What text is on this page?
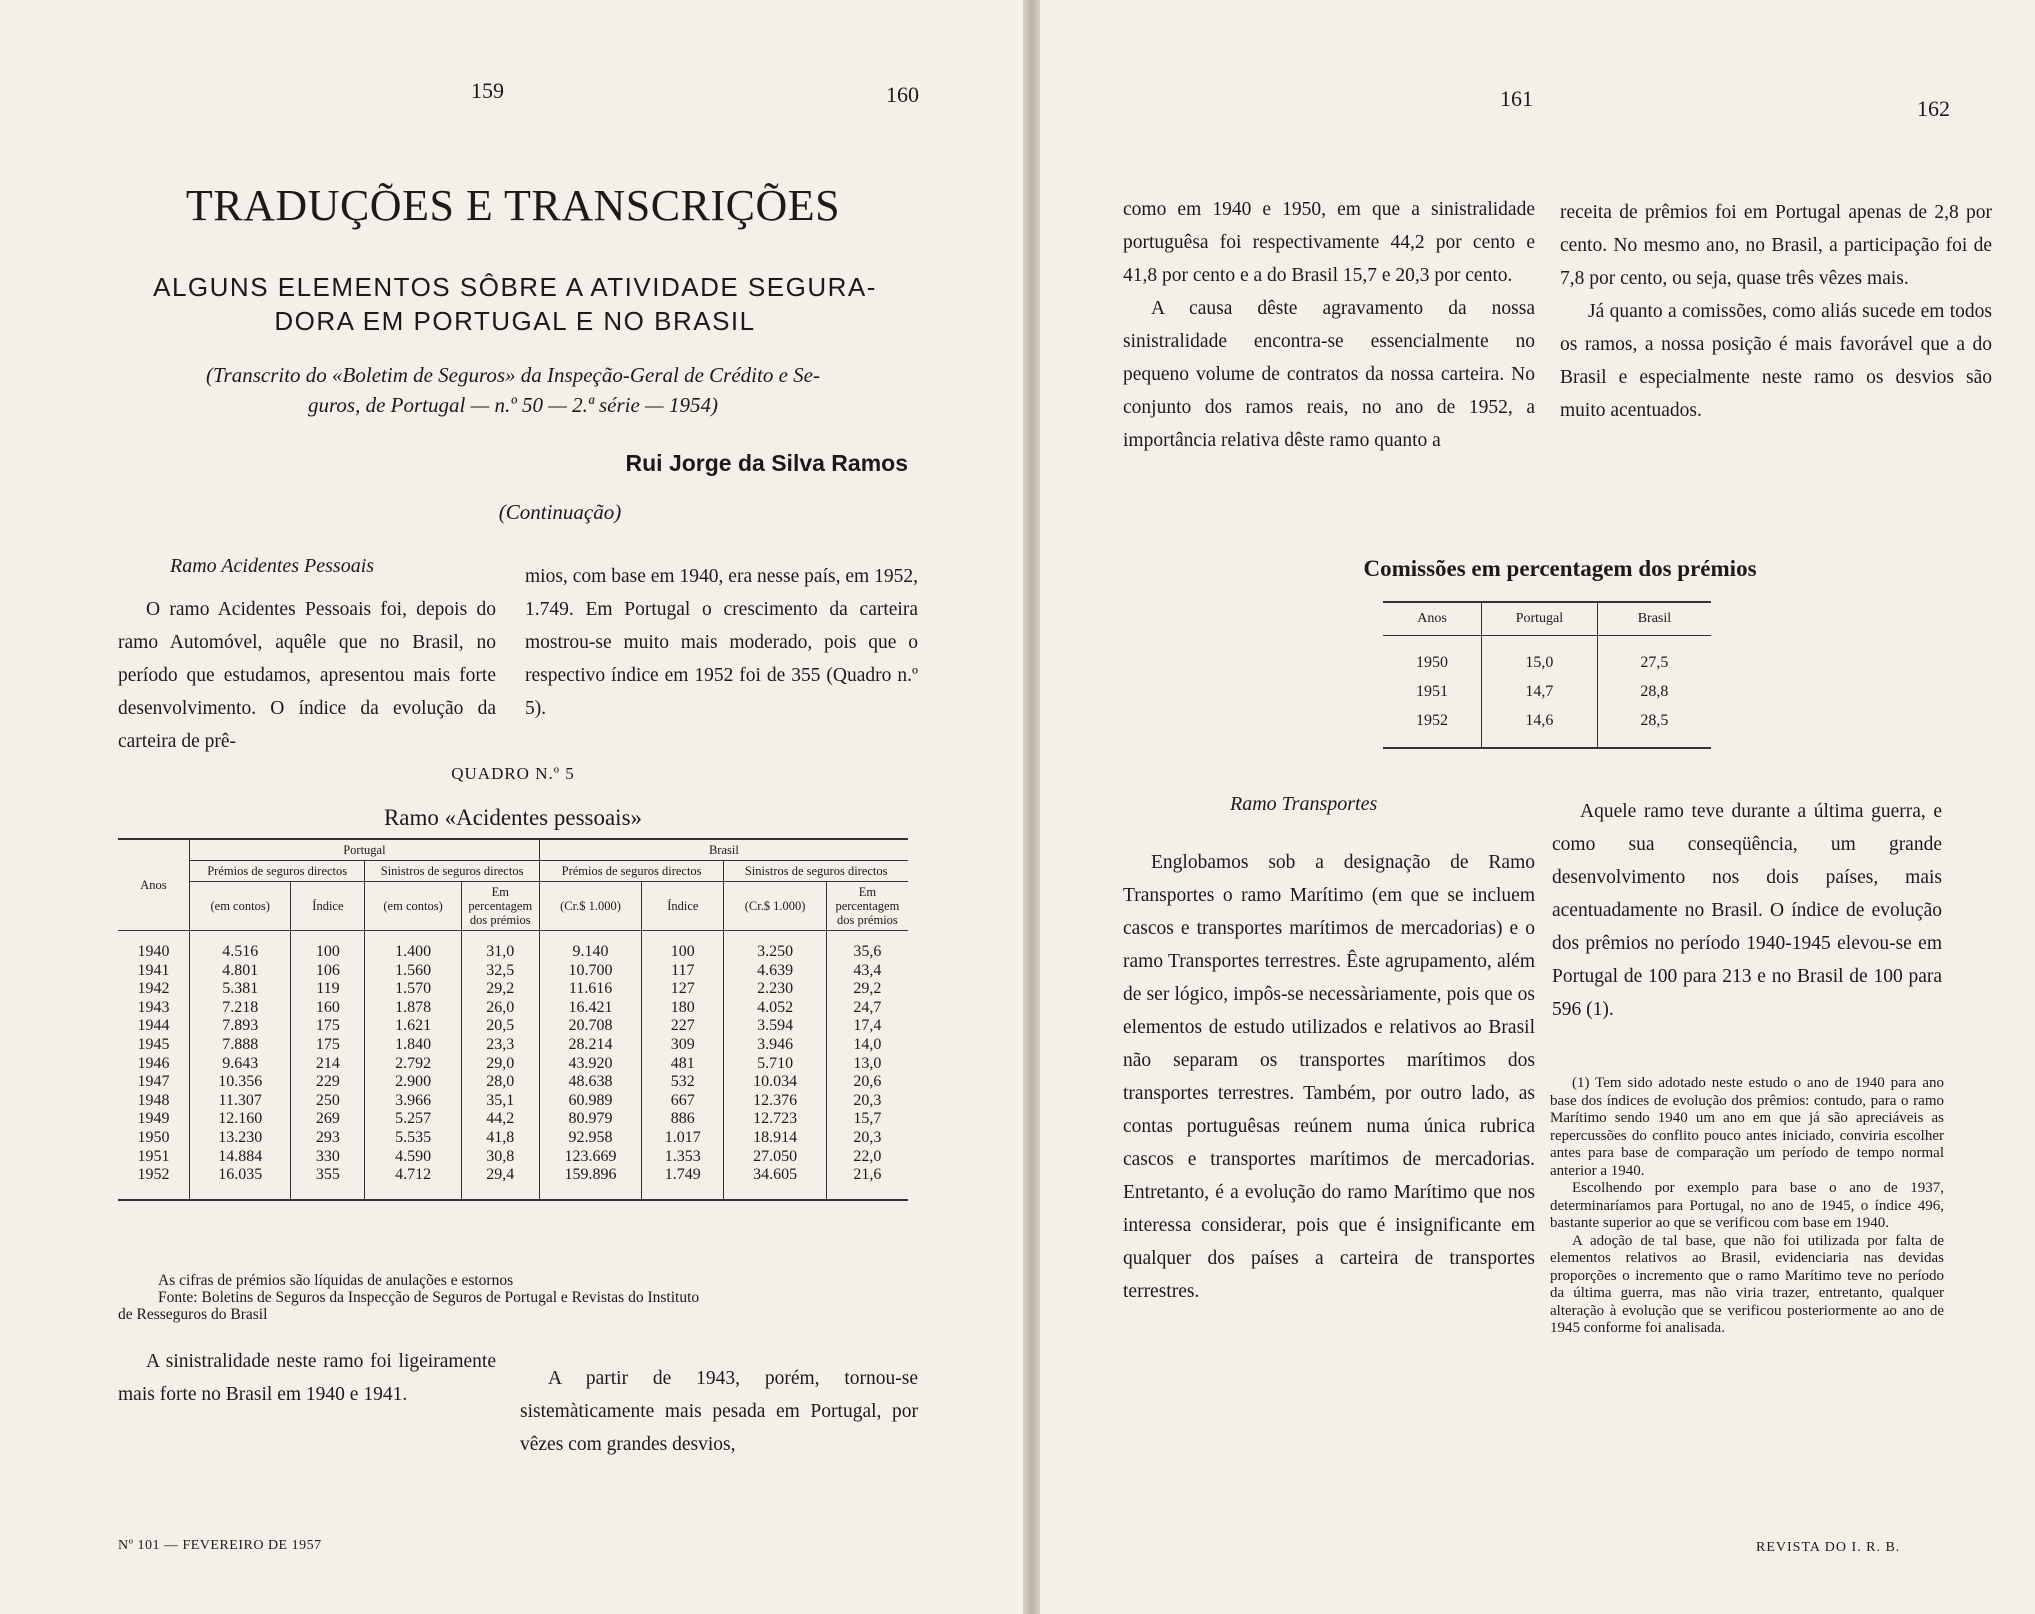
159	160
TRADUÇÕES E TRANSCRIÇÕES
ALGUNS ELEMENTOS SÔBRE A ATIVIDADE SEGURA-
DORA EM PORTUGAL E NO BRASIL
(Transcrito do «Boletim de Seguros» da Inspeção-Geral de Crédito e Se-
guros, de Portugal — n.º 50 — 2.ª série — 1954)
Rui Jorge da Silva Ramos
(Continuação)
Ramo Acidentes Pessoais

O ramo Acidentes Pessoais foi, depois do ramo Automóvel, aquêle que no Brasil, no período que estudamos, apresentou mais forte desenvolvimento. O índice da evolução da carteira de prê-

mios, com base em 1940, era nesse país, em 1952, 1.749. Em Portugal o crescimento da carteira mostrou-se muito mais moderado, pois que o respectivo índice em 1952 foi de 355 (Quadro n.º 5).

QUADRO N.º 5
Ramo «Acidentes pessoais»
Anos	Portugal				Brasil			
	Prémios de seguros directos		Sinistros de seguros directos		Prémios de seguros directos		Sinistros de seguros directos	
	(em contos)	Índice	(em contos)	Em percentagem dos prémios	(Cr.$ 1.000)	Índice	(Cr.$ 1.000)	Em percentagem dos prémios
1940	4.516	100	1.400	31,0	9.140	100	3.250	35,6
1941	4.801	106	1.560	32,5	10.700	117	4.639	43,4
1942	5.381	119	1.570	29,2	11.616	127	2.230	29,2
1943	7.218	160	1.878	26,0	16.421	180	4.052	24,7
1944	7.893	175	1.621	20,5	20.708	227	3.594	17,4
1945	7.888	175	1.840	23,3	28.214	309	3.946	14,0
1946	9.643	214	2.792	29,0	43.920	481	5.710	13,0
1947	10.356	229	2.900	28,0	48.638	532	10.034	20,6
1948	11.307	250	3.966	35,1	60.989	667	12.376	20,3
1949	12.160	269	5.257	44,2	80.979	886	12.723	15,7
1950	13.230	293	5.535	41,8	92.958	1.017	18.914	20,3
1951	14.884	330	4.590	30,8	123.669	1.353	27.050	22,0
1952	16.035	355	4.712	29,4	159.896	1.749	34.605	21,6
As cifras de prémios são líquidas de anulações e estornos
Fonte: Boletins de Seguros da Inspecção de Seguros de Portugal e Revistas do Instituto
de Resseguros do Brasil

A sinistralidade neste ramo foi ligeiramente mais forte no Brasil em 1940 e 1941.

A partir de 1943, porém, tornou-se sistemàticamente mais pesada em Portugal, por vêzes com grandes desvios,

Nº 101 — FEVEREIRO DE 1957
161	162

como em 1940 e 1950, em que a sinistralidade portuguêsa foi respectivamente 44,2 por cento e 41,8 por cento e a do Brasil 15,7 e 20,3 por cento.

A causa dêste agravamento da nossa sinistralidade encontra-se essencialmente no pequeno volume de contratos da nossa carteira. No conjunto dos ramos reais, no ano de 1952, a importância relativa dêste ramo quanto a

receita de prêmios foi em Portugal apenas de 2,8 por cento. No mesmo ano, no Brasil, a participação foi de 7,8 por cento, ou seja, quase três vêzes mais.

Já quanto a comissões, como aliás sucede em todos os ramos, a nossa posição é mais favorável que a do Brasil e especialmente neste ramo os desvios são muito acentuados.

Comissões em percentagem dos prémios
Anos	Portugal	Brasil
1950	15,0	27,5
1951	14,7	28,8
1952	14,6	28,5
Ramo Transportes

Englobamos sob a designação de Ramo Transportes o ramo Marítimo (em que se incluem cascos e transportes marítimos de mercadorias) e o ramo Transportes terrestres. Êste agrupamento, além de ser lógico, impôs-se necessàriamente, pois que os elementos de estudo utilizados e relativos ao Brasil não separam os transportes marítimos dos transportes terrestres. Também, por outro lado, as contas portuguêsas reúnem numa única rubrica cascos e transportes marítimos de mercadorias. Entretanto, é a evolução do ramo Marítimo que nos interessa considerar, pois que é insignificante em qualquer dos países a carteira de transportes terrestres.

Aquele ramo teve durante a última guerra, e como sua conseqüência, um grande desenvolvimento nos dois países, mais acentuadamente no Brasil. O índice de evolução dos prêmios no período 1940-1945 elevou-se em Portugal de 100 para 213 e no Brasil de 100 para 596 (1).

(1) Tem sido adotado neste estudo o ano de 1940 para ano base dos índices de evolução dos prêmios: contudo, para o ramo Marítimo sendo 1940 um ano em que já são apreciáveis as repercussões do conflito pouco antes iniciado, conviria escolher antes para base de comparação um período de tempo normal anterior a 1940.

Escolhendo por exemplo para base o ano de 1937, determinaríamos para Portugal, no ano de 1945, o índice 496, bastante superior ao que se verificou com base em 1940.

A adoção de tal base, que não foi utilizada por falta de elementos relativos ao Brasil, evidenciaria nas devidas proporções o incremento que o ramo Marítimo teve no período da última guerra, mas não viria trazer, entretanto, qualquer alteração à evolução que se verificou posteriormente ao ano de 1945 conforme foi analisada.

REVISTA DO I. R. B.
